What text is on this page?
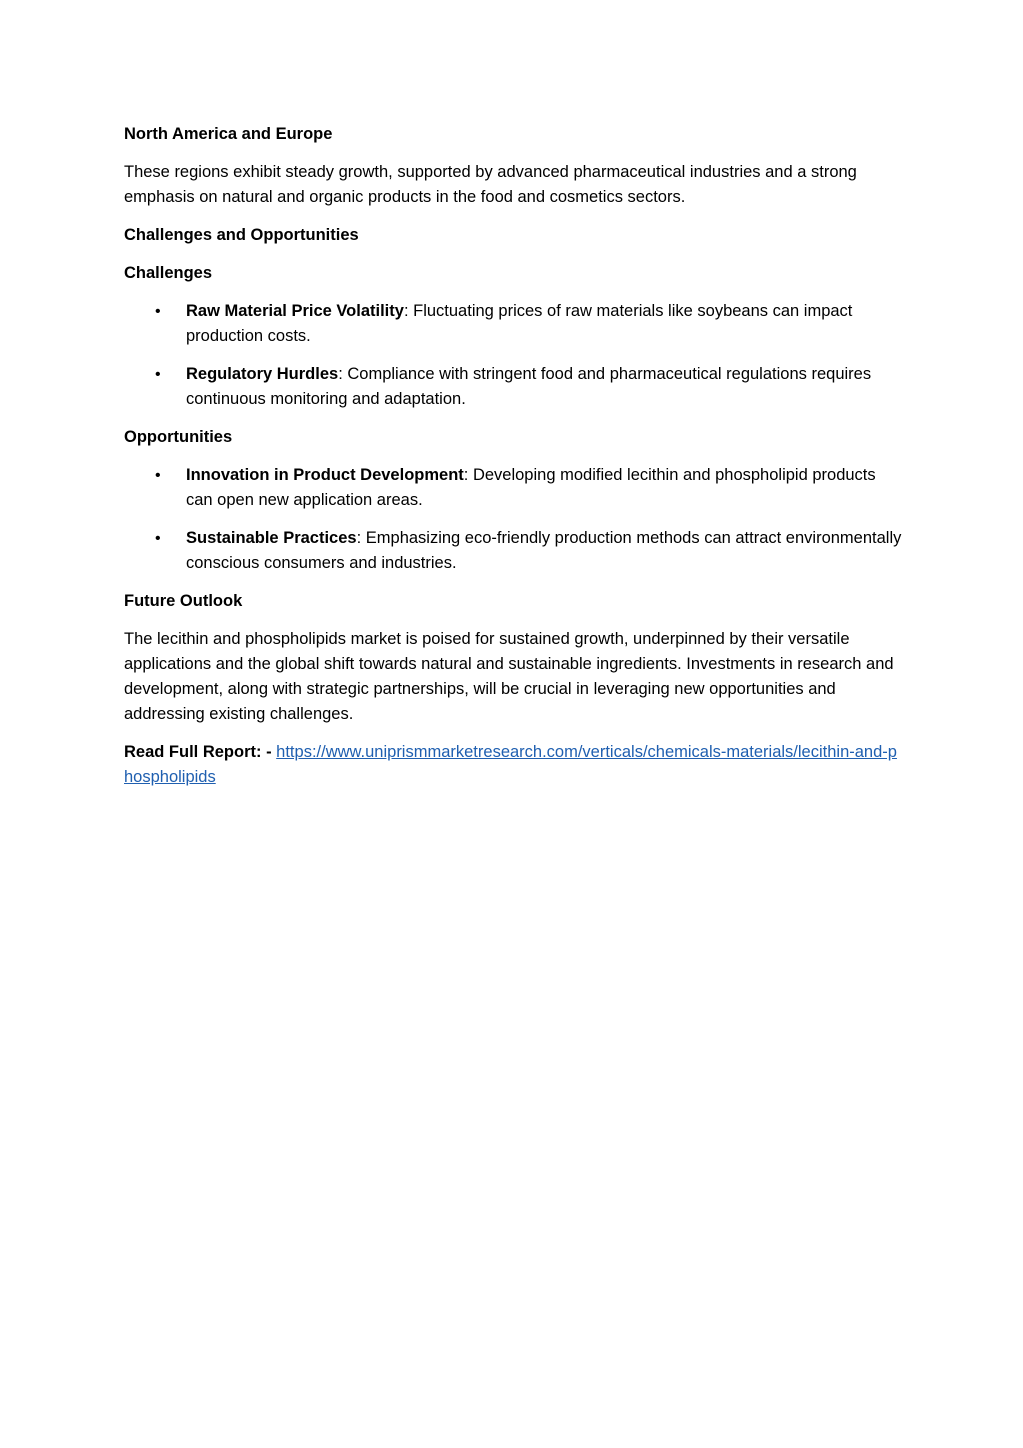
North America and Europe
These regions exhibit steady growth, supported by advanced pharmaceutical industries and a strong emphasis on natural and organic products in the food and cosmetics sectors.
Challenges and Opportunities
Challenges
• Raw Material Price Volatility: Fluctuating prices of raw materials like soybeans can impact production costs.
• Regulatory Hurdles: Compliance with stringent food and pharmaceutical regulations requires continuous monitoring and adaptation.
Opportunities
• Innovation in Product Development: Developing modified lecithin and phospholipid products can open new application areas.
• Sustainable Practices: Emphasizing eco-friendly production methods can attract environmentally conscious consumers and industries.
Future Outlook
The lecithin and phospholipids market is poised for sustained growth, underpinned by their versatile applications and the global shift towards natural and sustainable ingredients. Investments in research and development, along with strategic partnerships, will be crucial in leveraging new opportunities and addressing existing challenges.
Read Full Report: - https://www.uniprismmarketresearch.com/verticals/chemicals-materials/lecithin-and-phospholipids
